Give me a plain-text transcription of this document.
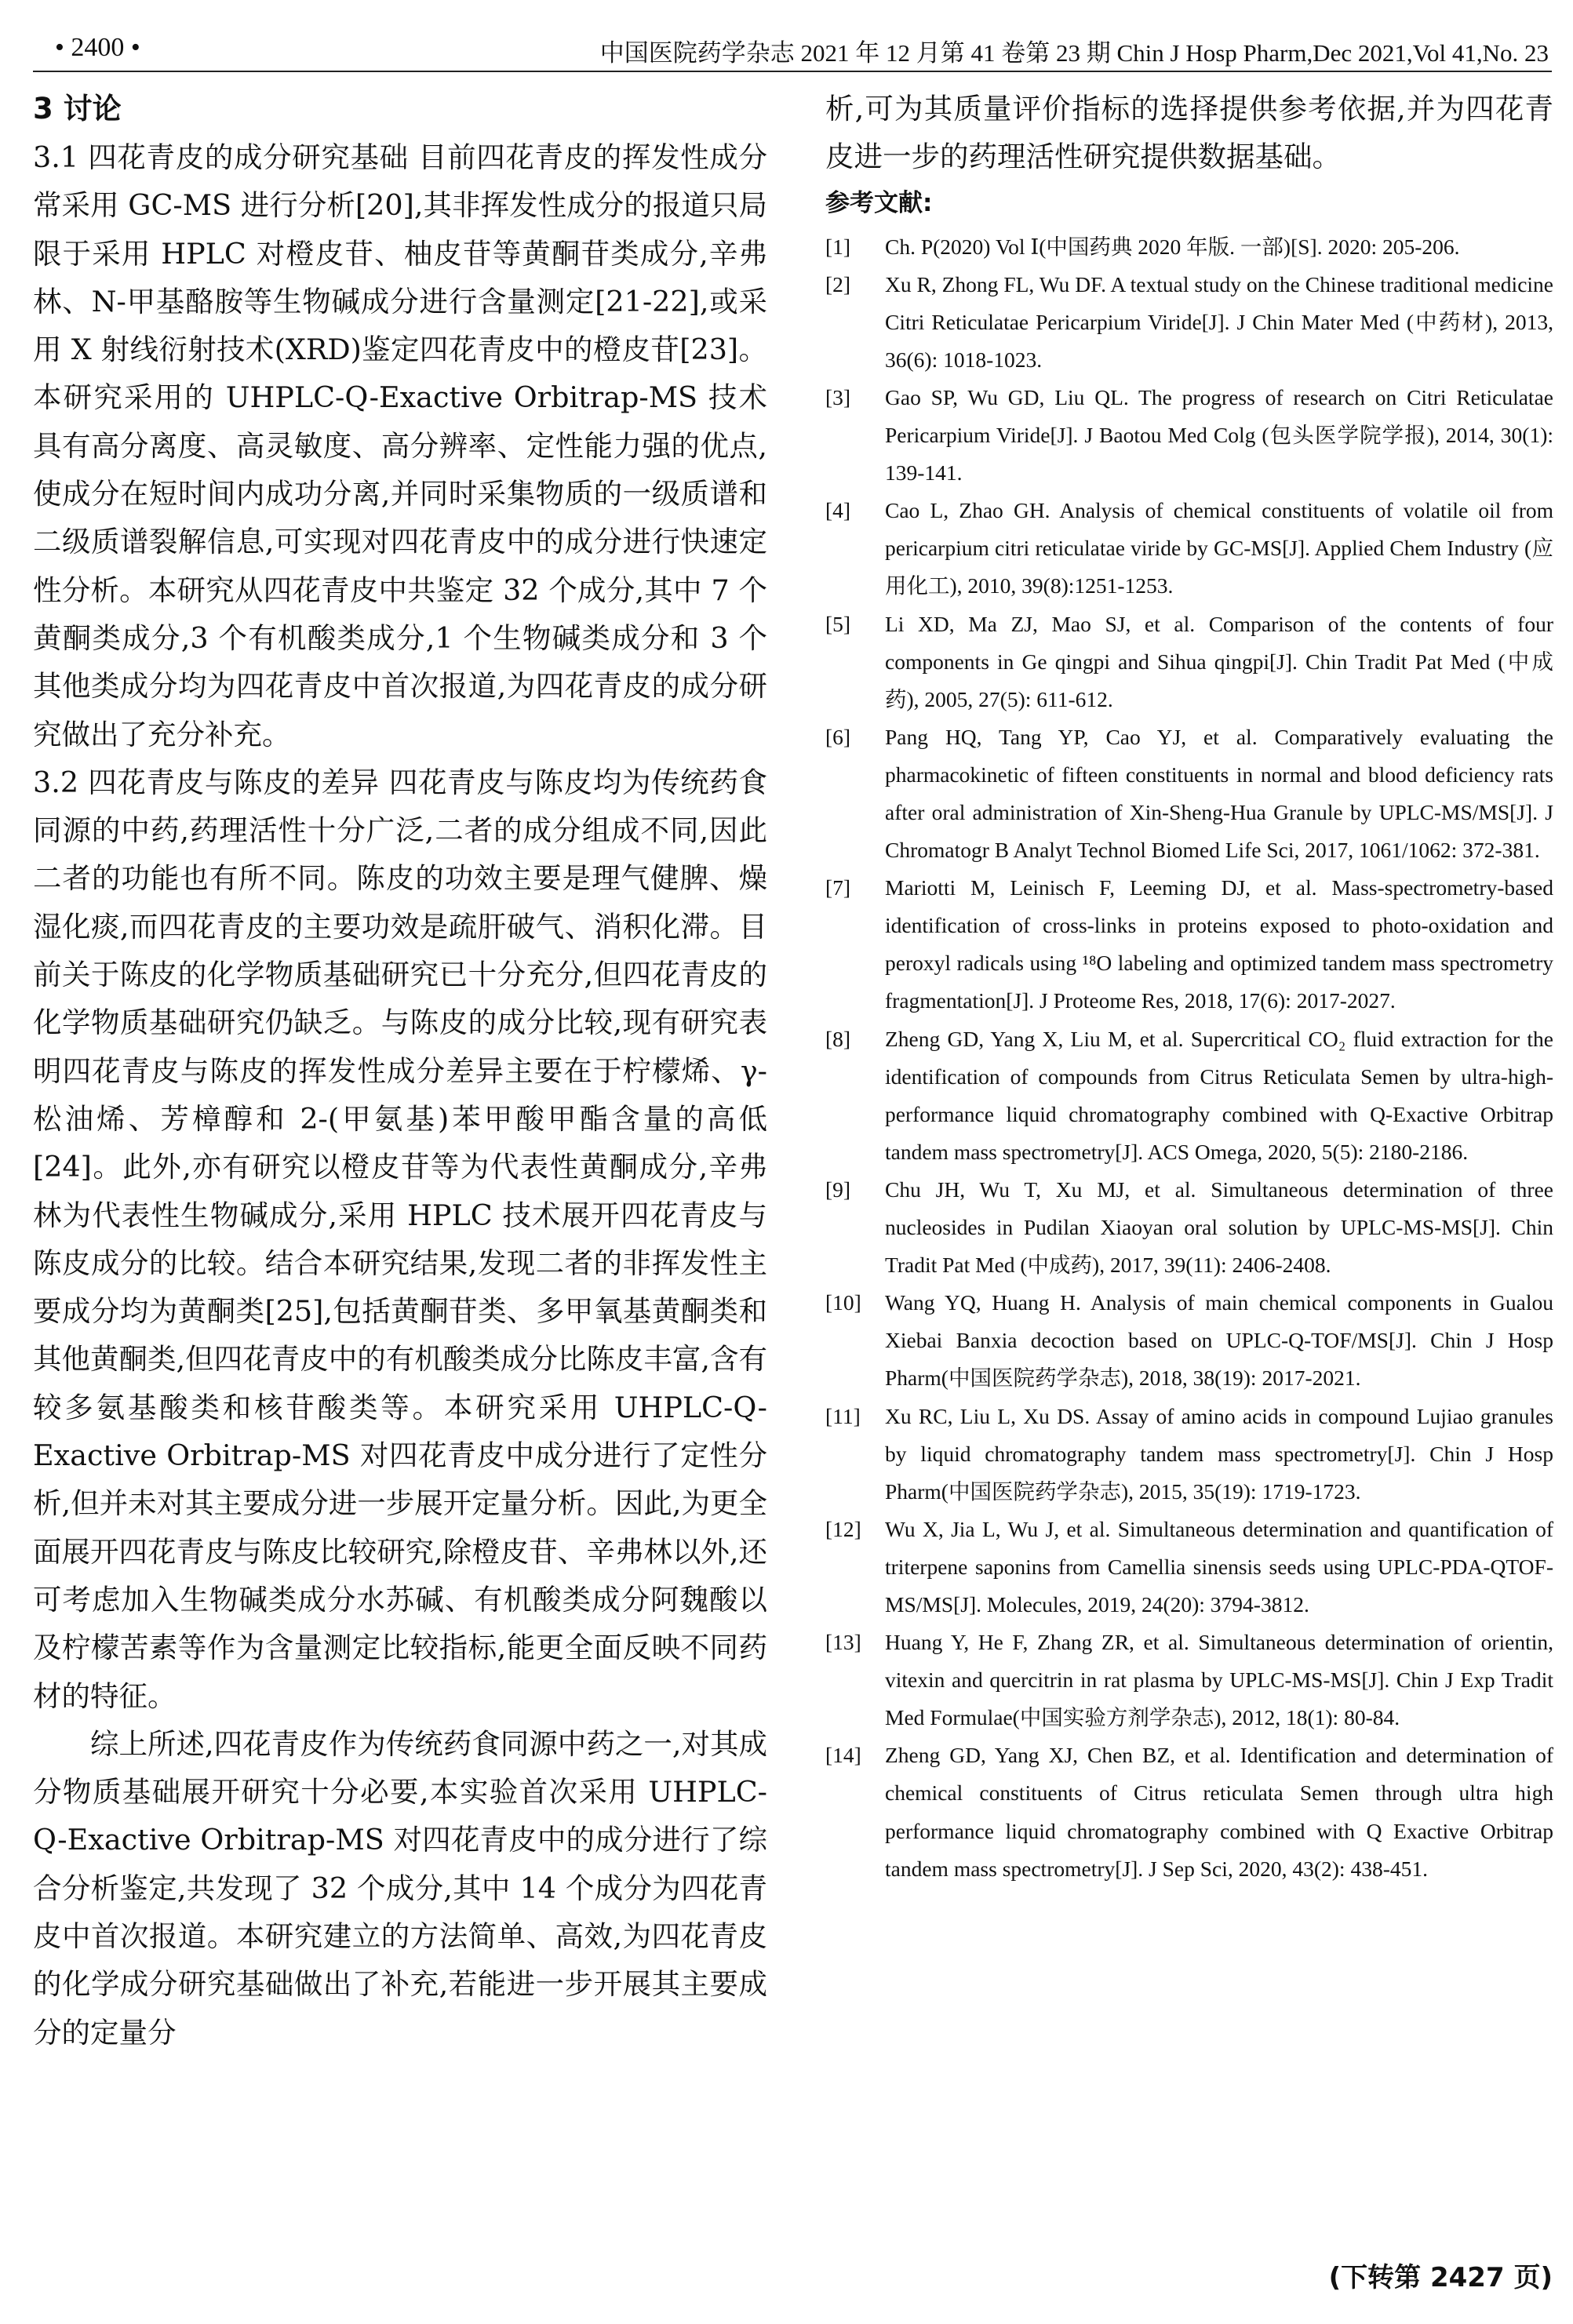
• 2400 •	中国医院药学杂志 2021 年 12 月第 41 卷第 23 期 Chin J Hosp Pharm,Dec 2021,Vol 41,No. 23

3 讨论

3.1 四花青皮的成分研究基础 目前四花青皮的挥发性成分常采用 GC-MS 进行分析[20],其非挥发性成分的报道只局限于采用 HPLC 对橙皮苷、柚皮苷等黄酮苷类成分,辛弗林、N-甲基酪胺等生物碱成分进行含量测定[21-22],或采用 X 射线衍射技术(XRD)鉴定四花青皮中的橙皮苷[23]。本研究采用的 UHPLC-Q-Exactive Orbitrap-MS 技术具有高分离度、高灵敏度、高分辨率、定性能力强的优点,使成分在短时间内成功分离,并同时采集物质的一级质谱和二级质谱裂解信息,可实现对四花青皮中的成分进行快速定性分析。本研究从四花青皮中共鉴定 32 个成分,其中 7 个黄酮类成分,3 个有机酸类成分,1 个生物碱类成分和 3 个其他类成分均为四花青皮中首次报道,为四花青皮的成分研究做出了充分补充。

3.2 四花青皮与陈皮的差异 四花青皮与陈皮均为传统药食同源的中药,药理活性十分广泛,二者的成分组成不同,因此二者的功能也有所不同。陈皮的功效主要是理气健脾、燥湿化痰,而四花青皮的主要功效是疏肝破气、消积化滞。目前关于陈皮的化学物质基础研究已十分充分,但四花青皮的化学物质基础研究仍缺乏。与陈皮的成分比较,现有研究表明四花青皮与陈皮的挥发性成分差异主要在于柠檬烯、γ-松油烯、芳樟醇和 2-(甲氨基)苯甲酸甲酯含量的高低[24]。此外,亦有研究以橙皮苷等为代表性黄酮成分,辛弗林为代表性生物碱成分,采用 HPLC 技术展开四花青皮与陈皮成分的比较。结合本研究结果,发现二者的非挥发性主要成分均为黄酮类[25],包括黄酮苷类、多甲氧基黄酮类和其他黄酮类,但四花青皮中的有机酸类成分比陈皮丰富,含有较多氨基酸类和核苷酸类等。本研究采用 UHPLC-Q-Exactive Orbitrap-MS 对四花青皮中成分进行了定性分析,但并未对其主要成分进一步展开定量分析。因此,为更全面展开四花青皮与陈皮比较研究,除橙皮苷、辛弗林以外,还可考虑加入生物碱类成分水苏碱、有机酸类成分阿魏酸以及柠檬苦素等作为含量测定比较指标,能更全面反映不同药材的特征。

综上所述,四花青皮作为传统药食同源中药之一,对其成分物质基础展开研究十分必要,本实验首次采用 UHPLC-Q-Exactive Orbitrap-MS 对四花青皮中的成分进行了综合分析鉴定,共发现了 32 个成分,其中 14 个成分为四花青皮中首次报道。本研究建立的方法简单、高效,为四花青皮的化学成分研究基础做出了补充,若能进一步开展其主要成分的定量分

析,可为其质量评价指标的选择提供参考依据,并为四花青皮进一步的药理活性研究提供数据基础。

参考文献:

[1]	Ch. P(2020) Vol Ⅰ(中国药典 2020 年版. 一部)[S]. 2020: 205-206.
[2]	Xu R, Zhong FL, Wu DF. A textual study on the Chinese traditional medicine Citri Reticulatae Pericarpium Viride[J]. J Chin Mater Med (中药材), 2013, 36(6): 1018-1023.
[3]	Gao SP, Wu GD, Liu QL. The progress of research on Citri Reticulatae Pericarpium Viride[J]. J Baotou Med Colg (包头医学院学报), 2014, 30(1): 139-141.
[4]	Cao L, Zhao GH. Analysis of chemical constituents of volatile oil from pericarpium citri reticulatae viride by GC-MS[J]. Applied Chem Industry (应用化工), 2010, 39(8):1251-1253.
[5]	Li XD, Ma ZJ, Mao SJ, et al. Comparison of the contents of four components in Ge qingpi and Sihua qingpi[J]. Chin Tradit Pat Med (中成药), 2005, 27(5): 611-612.
[6]	Pang HQ, Tang YP, Cao YJ, et al. Comparatively evaluating the pharmacokinetic of fifteen constituents in normal and blood deficiency rats after oral administration of Xin-Sheng-Hua Granule by UPLC-MS/MS[J]. J Chromatogr B Analyt Technol Biomed Life Sci, 2017, 1061/1062: 372-381.
[7]	Mariotti M, Leinisch F, Leeming DJ, et al. Mass-spectrometry-based identification of cross-links in proteins exposed to photo-oxidation and peroxyl radicals using ¹⁸O labeling and optimized tandem mass spectrometry fragmentation[J]. J Proteome Res, 2018, 17(6): 2017-2027.
[8]	Zheng GD, Yang X, Liu M, et al. Supercritical CO₂ fluid extraction for the identification of compounds from Citrus Reticulata Semen by ultra-high-performance liquid chromatography combined with Q-Exactive Orbitrap tandem mass spectrometry[J]. ACS Omega, 2020, 5(5): 2180-2186.
[9]	Chu JH, Wu T, Xu MJ, et al. Simultaneous determination of three nucleosides in Pudilan Xiaoyan oral solution by UPLC-MS-MS[J]. Chin Tradit Pat Med (中成药), 2017, 39(11): 2406-2408.
[10]	Wang YQ, Huang H. Analysis of main chemical components in Gualou Xiebai Banxia decoction based on UPLC-Q-TOF/MS[J]. Chin J Hosp Pharm(中国医院药学杂志), 2018, 38(19): 2017-2021.
[11]	Xu RC, Liu L, Xu DS. Assay of amino acids in compound Lujiao granules by liquid chromatography tandem mass spectrometry[J]. Chin J Hosp Pharm(中国医院药学杂志), 2015, 35(19): 1719-1723.
[12]	Wu X, Jia L, Wu J, et al. Simultaneous determination and quantification of triterpene saponins from Camellia sinensis seeds using UPLC-PDA-QTOF-MS/MS[J]. Molecules, 2019, 24(20): 3794-3812.
[13]	Huang Y, He F, Zhang ZR, et al. Simultaneous determination of orientin, vitexin and quercitrin in rat plasma by UPLC-MS-MS[J]. Chin J Exp Tradit Med Formulae(中国实验方剂学杂志), 2012, 18(1): 80-84.
[14]	Zheng GD, Yang XJ, Chen BZ, et al. Identification and determination of chemical constituents of Citrus reticulata Semen through ultra high performance liquid chromatography combined with Q Exactive Orbitrap tandem mass spectrometry[J]. J Sep Sci, 2020, 43(2): 438-451.
(下转第 2427 页)
